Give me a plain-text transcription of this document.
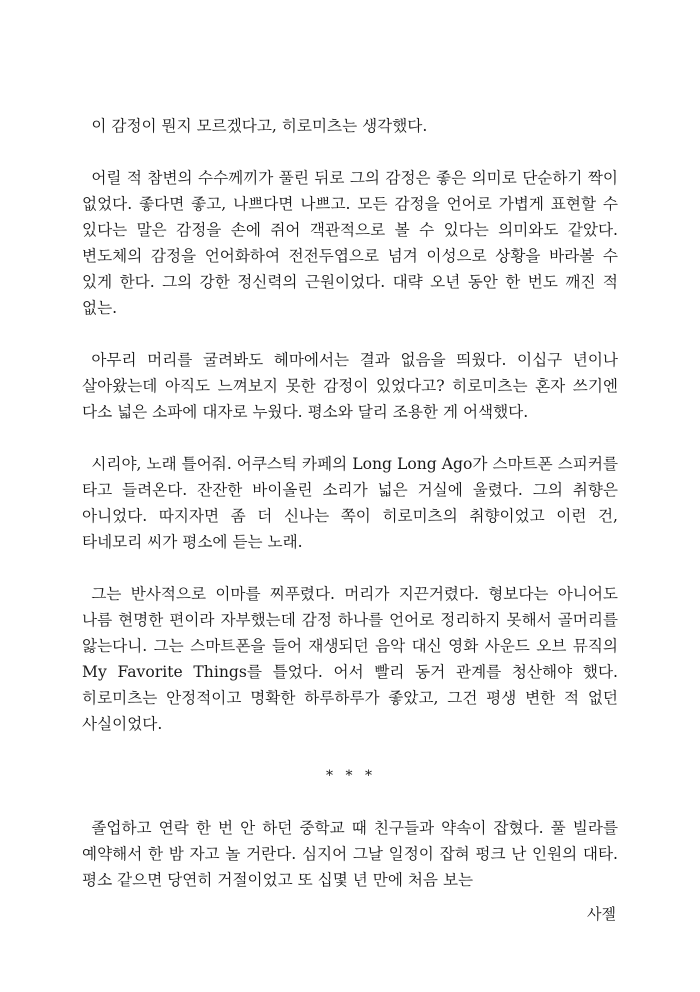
이 감정이 뭔지 모르겠다고, 히로미츠는 생각했다.

어릴 적 참변의 수수께끼가 풀린 뒤로 그의 감정은 좋은 의미로 단순하기 짝이 없었다. 좋다면 좋고, 나쁘다면 나쁘고. 모든 감정을 언어로 가볍게 표현할 수 있다는 말은 감정을 손에 쥐어 객관적으로 볼 수 있다는 의미와도 같았다. 변도체의 감정을 언어화하여 전전두엽으로 넘겨 이성으로 상황을 바라볼 수 있게 한다. 그의 강한 정신력의 근원이었다. 대략 오년 동안 한 번도 깨진 적 없는.

아무리 머리를 굴려봐도 헤마에서는 결과 없음을 띄웠다. 이십구 년이나 살아왔는데 아직도 느껴보지 못한 감정이 있었다고? 히로미츠는 혼자 쓰기엔 다소 넓은 소파에 대자로 누웠다. 평소와 달리 조용한 게 어색했다.

시리야, 노래 틀어줘. 어쿠스틱 카페의 Long Long Ago가 스마트폰 스피커를 타고 들려온다. 잔잔한 바이올린 소리가 넓은 거실에 울렸다. 그의 취향은 아니었다. 따지자면 좀 더 신나는 쪽이 히로미츠의 취향이었고 이런 건, 타네모리 씨가 평소에 듣는 노래.

그는 반사적으로 이마를 찌푸렸다. 머리가 지끈거렸다. 형보다는 아니어도 나름 현명한 편이라 자부했는데 감정 하나를 언어로 정리하지 못해서 골머리를 앓는다니. 그는 스마트폰을 들어 재생되던 음악 대신 영화 사운드 오브 뮤직의 My Favorite Things를 틀었다. 어서 빨리 동거 관계를 청산해야 했다. 히로미츠는 안정적이고 명확한 하루하루가 좋았고, 그건 평생 변한 적 없던 사실이었다.

* * *

졸업하고 연락 한 번 안 하던 중학교 때 친구들과 약속이 잡혔다. 풀 빌라를 예약해서 한 밤 자고 놀 거란다. 심지어 그날 일정이 잡혀 펑크 난 인원의 대타. 평소 같으면 당연히 거절이었고 또 십몇 년 만에 처음 보는

사젤
